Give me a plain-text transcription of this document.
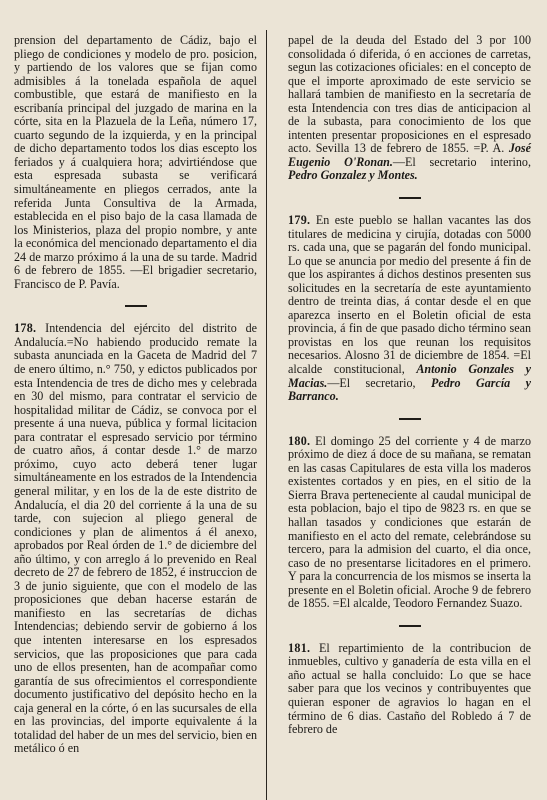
prension del departamento de Cádiz, bajo el pliego de condiciones y modelo de pro. posicion, y partiendo de los valores que se fijan como admisibles á la tonelada española de aquel combustible, que estará de manifiesto en la escribanía principal del juzgado de marina en la córte, sita en la Plazuela de la Leña, número 17, cuarto segundo de la izquierda, y en la principal de dicho departamento todos los dias escepto los feriados y á cualquiera hora; advirtiéndose que esta espresada subasta se verificará simultáneamente en pliegos cerrados, ante la referida Junta Consultiva de la Armada, establecida en el piso bajo de la casa llamada de los Ministerios, plaza del propio nombre, y ante la económica del mencionado departamento el dia 24 de marzo próximo á la una de su tarde. Madrid 6 de febrero de 1855. —El brigadier secretario, Francisco de P. Pavía.

178. Intendencia del ejército del distrito de Andalucía.=No habiendo producido remate la subasta anunciada en la Gaceta de Madrid del 7 de enero último, n.° 750, y edictos publicados por esta Intendencia de tres de dicho mes y celebrada en 30 del mismo, para contratar el servicio de hospitalidad militar de Cádiz, se convoca por el presente á una nueva, pública y formal licitacion para contratar el espresado servicio por término de cuatro años, á contar desde 1.° de marzo próximo, cuyo acto deberá tener lugar simultáneamente en los estrados de la Intendencia general militar, y en los de la de este distrito de Andalucía, el dia 20 del corriente á la una de su tarde, con sujecion al pliego general de condiciones y plan de alimentos á él anexo, aprobados por Real órden de 1.° de diciembre del año último, y con arreglo á lo prevenido en Real decreto de 27 de febrero de 1852, é instruccion de 3 de junio siguiente, que con el modelo de las proposiciones que deban hacerse estarán de manifiesto en las secretarías de dichas Intendencias; debiendo servir de gobierno á los que intenten interesarse en los espresados servicios, que las proposiciones que para cada uno de ellos presenten, han de acompañar como garantía de sus ofrecimientos el correspondiente documento justificativo del depósito hecho en la caja general en la córte, ó en las sucursales de ella en las provincias, del importe equivalente á la totalidad del haber de un mes del servicio, bien en metálico ó en

papel de la deuda del Estado del 3 por 100 consolidada ó diferida, ó en acciones de carretas, segun las cotizaciones oficiales: en el concepto de que el importe aproximado de este servicio se hallará tambien de manifiesto en la secretaría de esta Intendencia con tres dias de anticipacion al de la subasta, para conocimiento de los que intenten presentar proposiciones en el espresado acto. Sevilla 13 de febrero de 1855. =P. A. José Eugenio O'Ronan.—El secretario interino, Pedro Gonzalez y Montes.

179. En este pueblo se hallan vacantes las dos titulares de medicina y cirujía, dotadas con 5000 rs. cada una, que se pagarán del fondo municipal. Lo que se anuncia por medio del presente á fin de que los aspirantes á dichos destinos presenten sus solicitudes en la secretaría de este ayuntamiento dentro de treinta dias, á contar desde el en que aparezca inserto en el Boletin oficial de esta provincia, á fin de que pasado dicho término sean provistas en los que reunan los requisitos necesarios. Alosno 31 de diciembre de 1854. =El alcalde constitucional, Antonio Gonzales y Macias.—El secretario, Pedro García y Barranco.

180. El domingo 25 del corriente y 4 de marzo próximo de diez á doce de su mañana, se rematan en las casas Capitulares de esta villa los maderos existentes cortados y en pies, en el sitio de la Sierra Brava perteneciente al caudal municipal de esta poblacion, bajo el tipo de 9823 rs. en que se hallan tasados y condiciones que estarán de manifiesto en el acto del remate, celebrándose su tercero, para la admision del cuarto, el dia once, caso de no presentarse licitadores en el primero. Y para la concurrencia de los mismos se inserta la presente en el Boletin oficial. Aroche 9 de febrero de 1855. =El alcalde, Teodoro Fernandez Suazo.

181. El repartimiento de la contribucion de inmuebles, cultivo y ganadería de esta villa en el año actual se halla concluido: Lo que se hace saber para que los vecinos y contribuyentes que quieran esponer de agravios lo hagan en el término de 6 dias. Castaño del Robledo á 7 de febrero de
